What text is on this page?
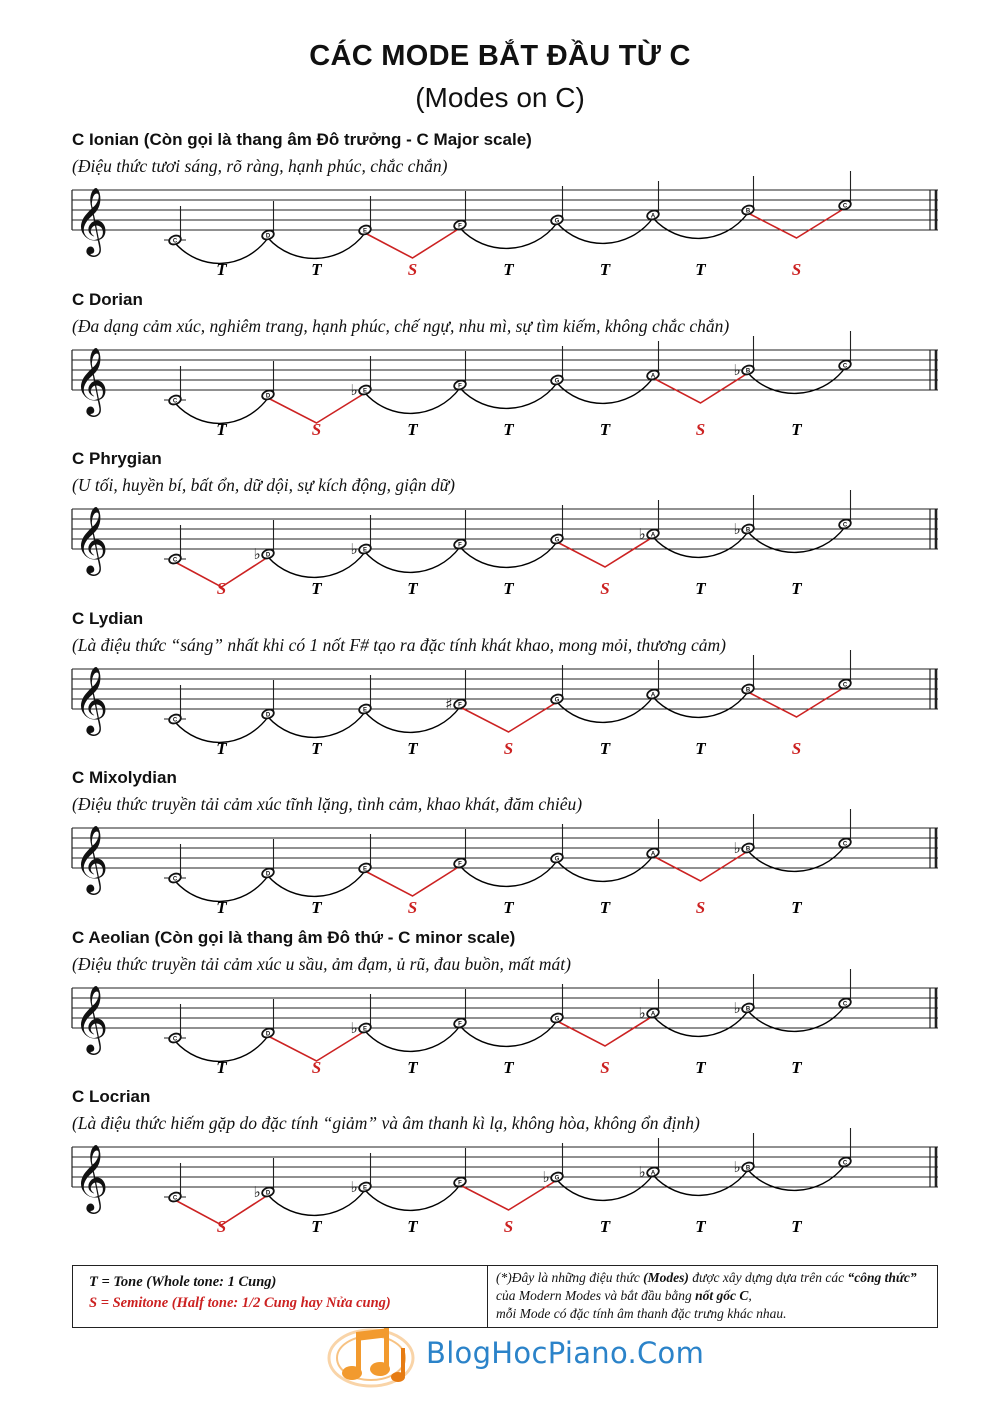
CÁC MODE BẮT ĐẦU TỪ C
(Modes on C)
C Ionian (Còn gọi là thang âm Đô trưởng - C Major scale)
(Điệu thức tươi sáng, rõ ràng, hạnh phúc, chắc chắn)
𝄞
T	T	S	T	T	T	S
C
D
E
F
G
A
B
C
C Dorian
(Đa dạng cảm xúc, nghiêm trang, hạnh phúc, chế ngự, nhu mì, sự tìm kiếm, không chắc chắn)
𝄞
T	S	T	T	T	S	T
C
D
E
♭	F
G
A
B
♭	C
C Phrygian
(U tối, huyền bí, bất ổn, dữ dội, sự kích động, giận dữ)
𝄞
S	T	T	T	S	T	T
C
D
♭	E
♭	F
G
A
♭	B
♭	C
C Lydian
(Là điệu thức “sáng” nhất khi có 1 nốt F# tạo ra đặc tính khát khao, mong mỏi, thương cảm)
𝄞
T	T	T	S	T	T	S
C
D
E
F
♯	G
A
B
C
C Mixolydian
(Điệu thức truyền tải cảm xúc tĩnh lặng, tình cảm, khao khát, đăm chiêu)
𝄞
T	T	S	T	T	S	T
C
D
E
F
G
A
B
♭	C
C Aeolian (Còn gọi là thang âm Đô thứ - C minor scale)
(Điệu thức truyền tải cảm xúc u sầu, ảm đạm, ủ rũ, đau buồn, mất mát)
𝄞
T	S	T	T	S	T	T
C
D
E
♭	F
G
A
♭	B
♭	C
C Locrian
(Là điệu thức hiếm gặp do đặc tính “giảm” và âm thanh kì lạ, không hòa, không ổn định)
𝄞
S	T	T	S	T	T	T
C
D
♭	E
♭	F
G
♭	A
♭	B
♭	C
T = Tone (Whole tone: 1 Cung)
S = Semitone (Half tone: 1/2 Cung hay Nửa cung)
(*)Đây là những điệu thức (Modes) được xây dựng dựa trên các “công thức” của Modern Modes và bắt đầu bằng nốt gốc C,
mỗi Mode có đặc tính âm thanh đặc trưng khác nhau.
BlogHocPiano.Com
